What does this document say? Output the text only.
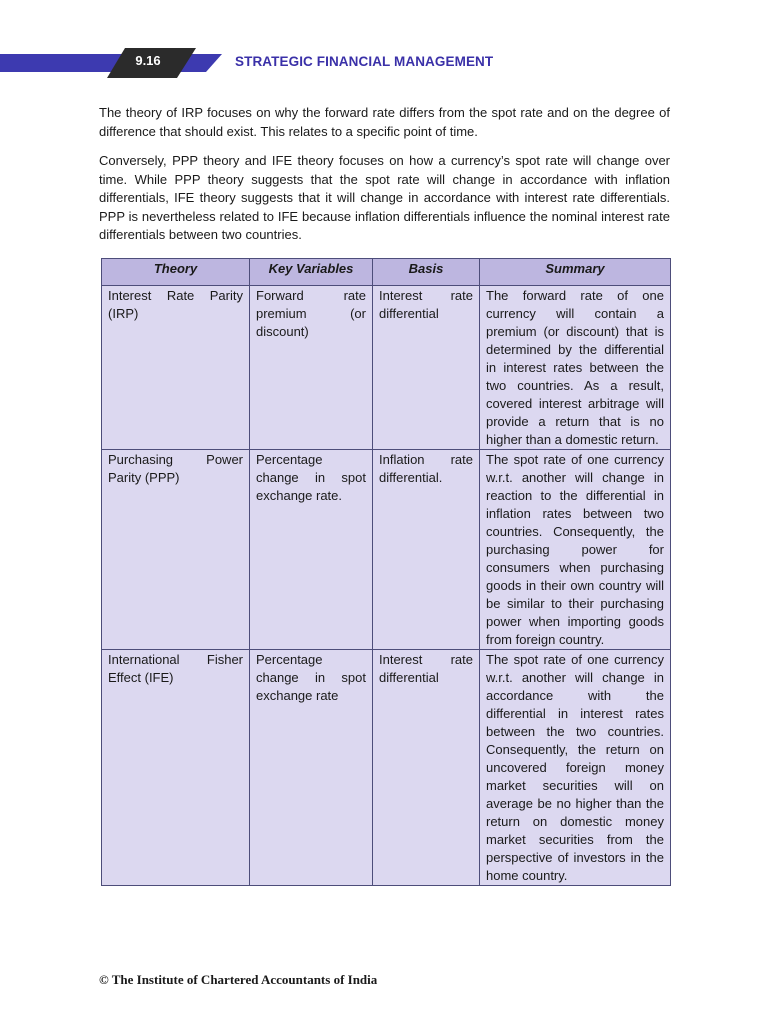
9.16	STRATEGIC FINANCIAL MANAGEMENT

The theory of IRP focuses on why the forward rate differs from the spot rate and on the degree of difference that should exist. This relates to a specific point of time.

Conversely, PPP theory and IFE theory focuses on how a currency’s spot rate will change over time. While PPP theory suggests that the spot rate will change in accordance with inflation differentials, IFE theory suggests that it will change in accordance with interest rate differentials. PPP is nevertheless related to IFE because inflation differentials influence the nominal interest rate differentials between two countries.

Theory	Key Variables	Basis	Summary
Interest Rate Parity (IRP)	Forward rate premium (or discount)	Interest rate differential	The forward rate of one currency will contain a premium (or discount) that is determined by the differential in interest rates between the two countries. As a result, covered interest arbitrage will provide a return that is no higher than a domestic return.
Purchasing Power Parity (PPP)	Percentage change in spot exchange rate.	Inflation rate differential.	The spot rate of one currency w.r.t. another will change in reaction to the differential in inflation rates between two countries. Consequently, the purchasing power for consumers when purchasing goods in their own country will be similar to their purchasing power when importing goods from foreign country.
International Fisher Effect (IFE)	Percentage change in spot exchange rate	Interest rate differential	The spot rate of one currency w.r.t. another will change in accordance with the differential in interest rates between the two countries. Consequently, the return on uncovered foreign money market securities will on average be no higher than the return on domestic money market securities from the perspective of investors in the home country.
© The Institute of Chartered Accountants of India
